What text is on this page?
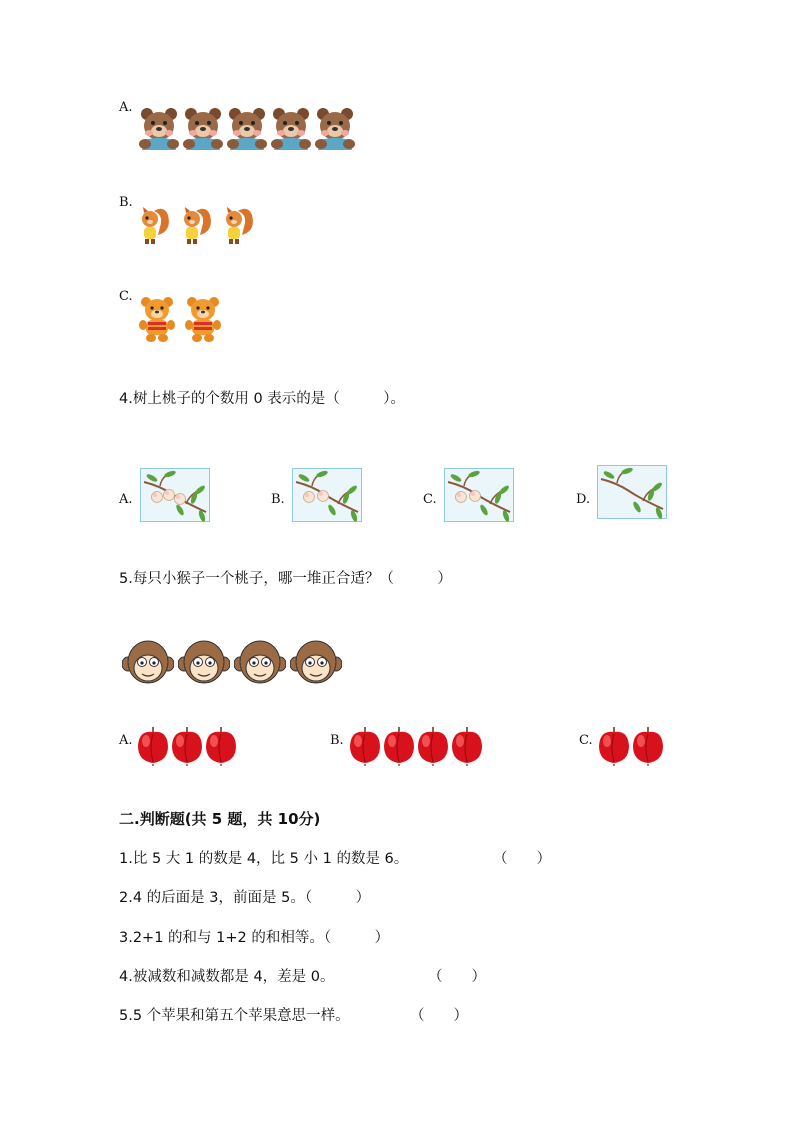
A.
B.
C.
4.树上桃子的个数用 0 表示的是（　　　）。
A.	B.	C.	D.
5.每只小猴子一个桃子，哪一堆正合适？（　　　）
A.	B.	C.
二.判断题(共 5 题，共 10分)
1.比 5 大 1 的数是 4，比 5 小 1 的数是 6。	（　　）
2.4 的后面是 3，前面是 5。（　　　）
3.2+1 的和与 1+2 的和相等。（　　　）
4.被减数和减数都是 4，差是 0。	（　　）
5.5 个苹果和第五个苹果意思一样。	（　　）
